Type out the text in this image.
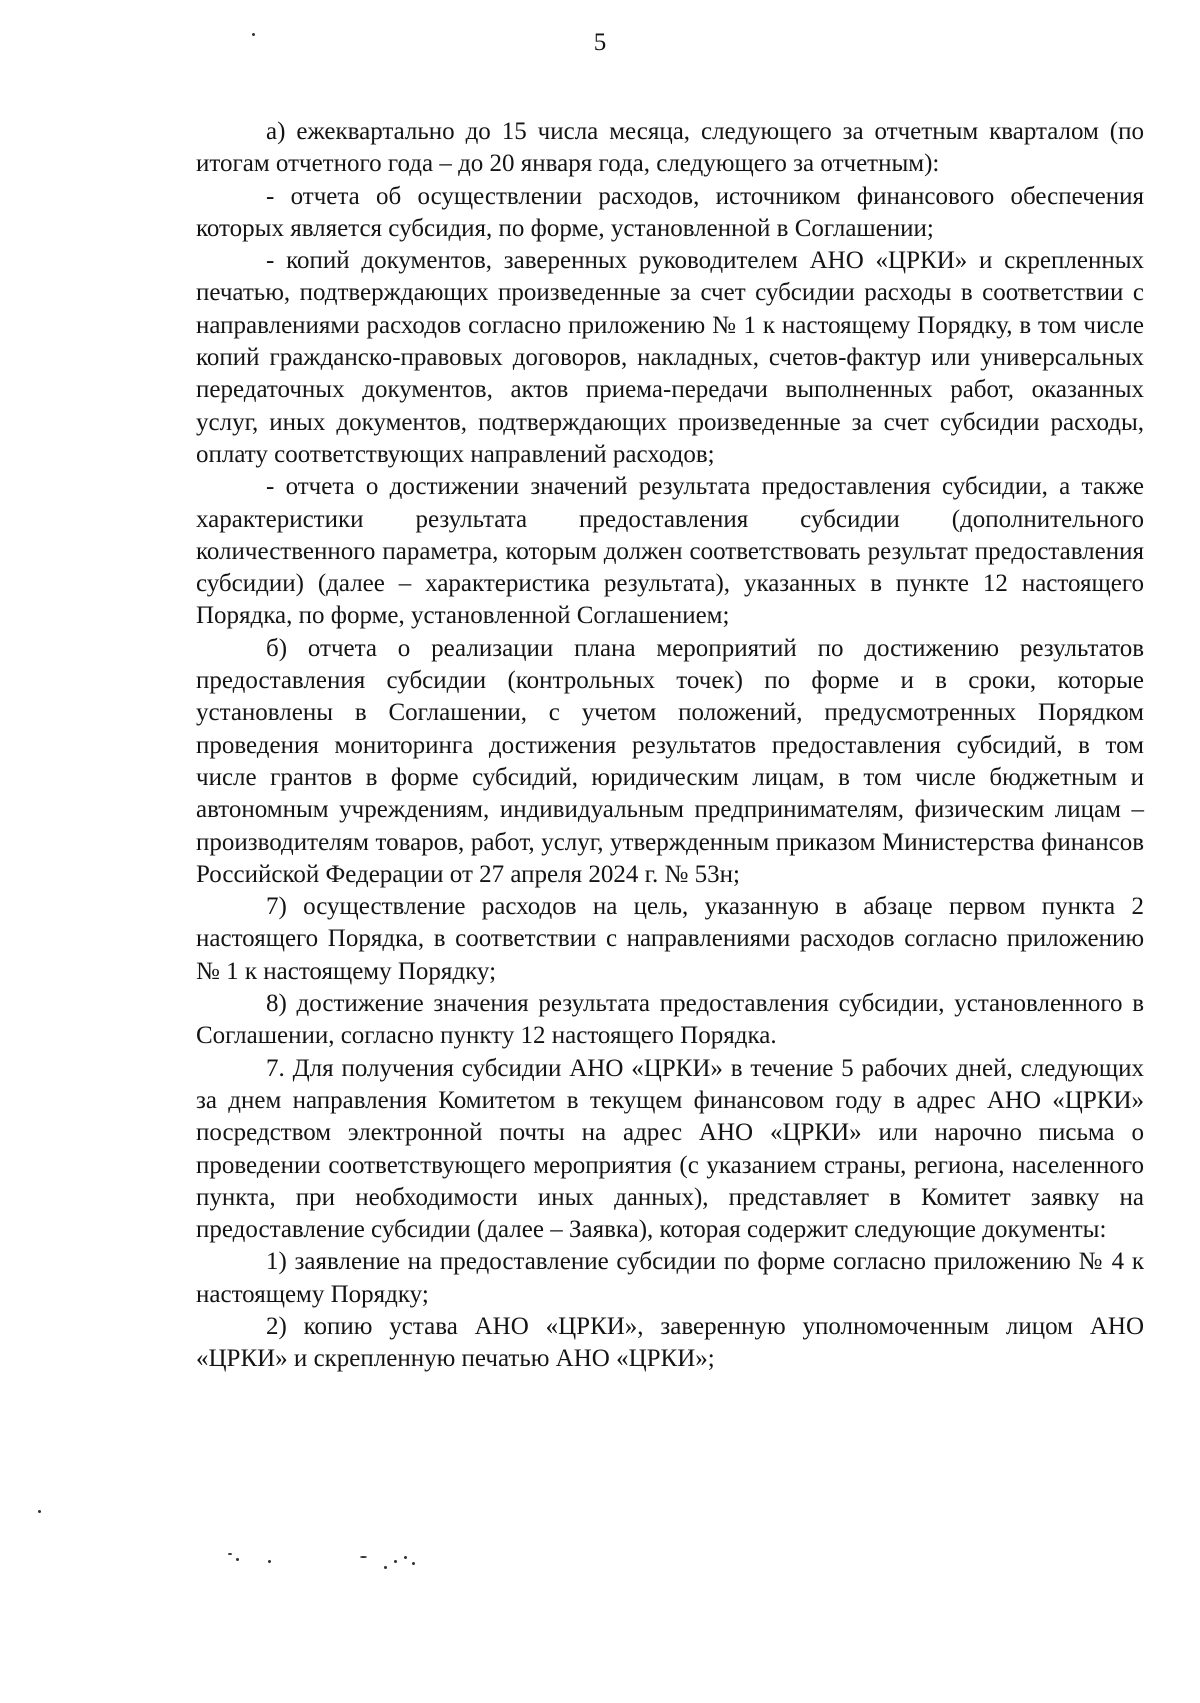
5

а) ежеквартально до 15 числа месяца, следующего за отчетным кварталом (по итогам отчетного года – до 20 января года, следующего за отчетным):

- отчета об осуществлении расходов, источником финансового обеспечения которых является субсидия, по форме, установленной в Соглашении;

- копий документов, заверенных руководителем АНО «ЦРКИ» и скрепленных печатью, подтверждающих произведенные за счет субсидии расходы в соответствии с направлениями расходов согласно приложению № 1 к настоящему Порядку, в том числе копий гражданско-правовых договоров, накладных, счетов-фактур или универсальных передаточных документов, актов приема-передачи выполненных работ, оказанных услуг, иных документов, подтверждающих произведенные за счет субсидии расходы, оплату соответствующих направлений расходов;

- отчета о достижении значений результата предоставления субсидии, а также характеристики результата предоставления субсидии (дополнительного количественного параметра, которым должен соответствовать результат предоставления субсидии) (далее – характеристика результата), указанных в пункте 12 настоящего Порядка, по форме, установленной Соглашением;

б) отчета о реализации плана мероприятий по достижению результатов предоставления субсидии (контрольных точек) по форме и в сроки, которые установлены в Соглашении, с учетом положений, предусмотренных Порядком проведения мониторинга достижения результатов предоставления субсидий, в том числе грантов в форме субсидий, юридическим лицам, в том числе бюджетным и автономным учреждениям, индивидуальным предпринимателям, физическим лицам – производителям товаров, работ, услуг, утвержденным приказом Министерства финансов Российской Федерации от 27 апреля 2024 г. № 53н;

7) осуществление расходов на цель, указанную в абзаце первом пункта 2 настоящего Порядка, в соответствии с направлениями расходов согласно приложению № 1 к настоящему Порядку;

8) достижение значения результата предоставления субсидии, установленного в Соглашении, согласно пункту 12 настоящего Порядка.

7. Для получения субсидии АНО «ЦРКИ» в течение 5 рабочих дней, следующих за днем направления Комитетом в текущем финансовом году в адрес АНО «ЦРКИ» посредством электронной почты на адрес АНО «ЦРКИ» или нарочно письма о проведении соответствующего мероприятия (с указанием страны, региона, населенного пункта, при необходимости иных данных), представляет в Комитет заявку на предоставление субсидии (далее – Заявка), которая содержит следующие документы:

1) заявление на предоставление субсидии по форме согласно приложению № 4 к настоящему Порядку;

2) копию устава АНО «ЦРКИ», заверенную уполномоченным лицом АНО «ЦРКИ» и скрепленную печатью АНО «ЦРКИ»;
